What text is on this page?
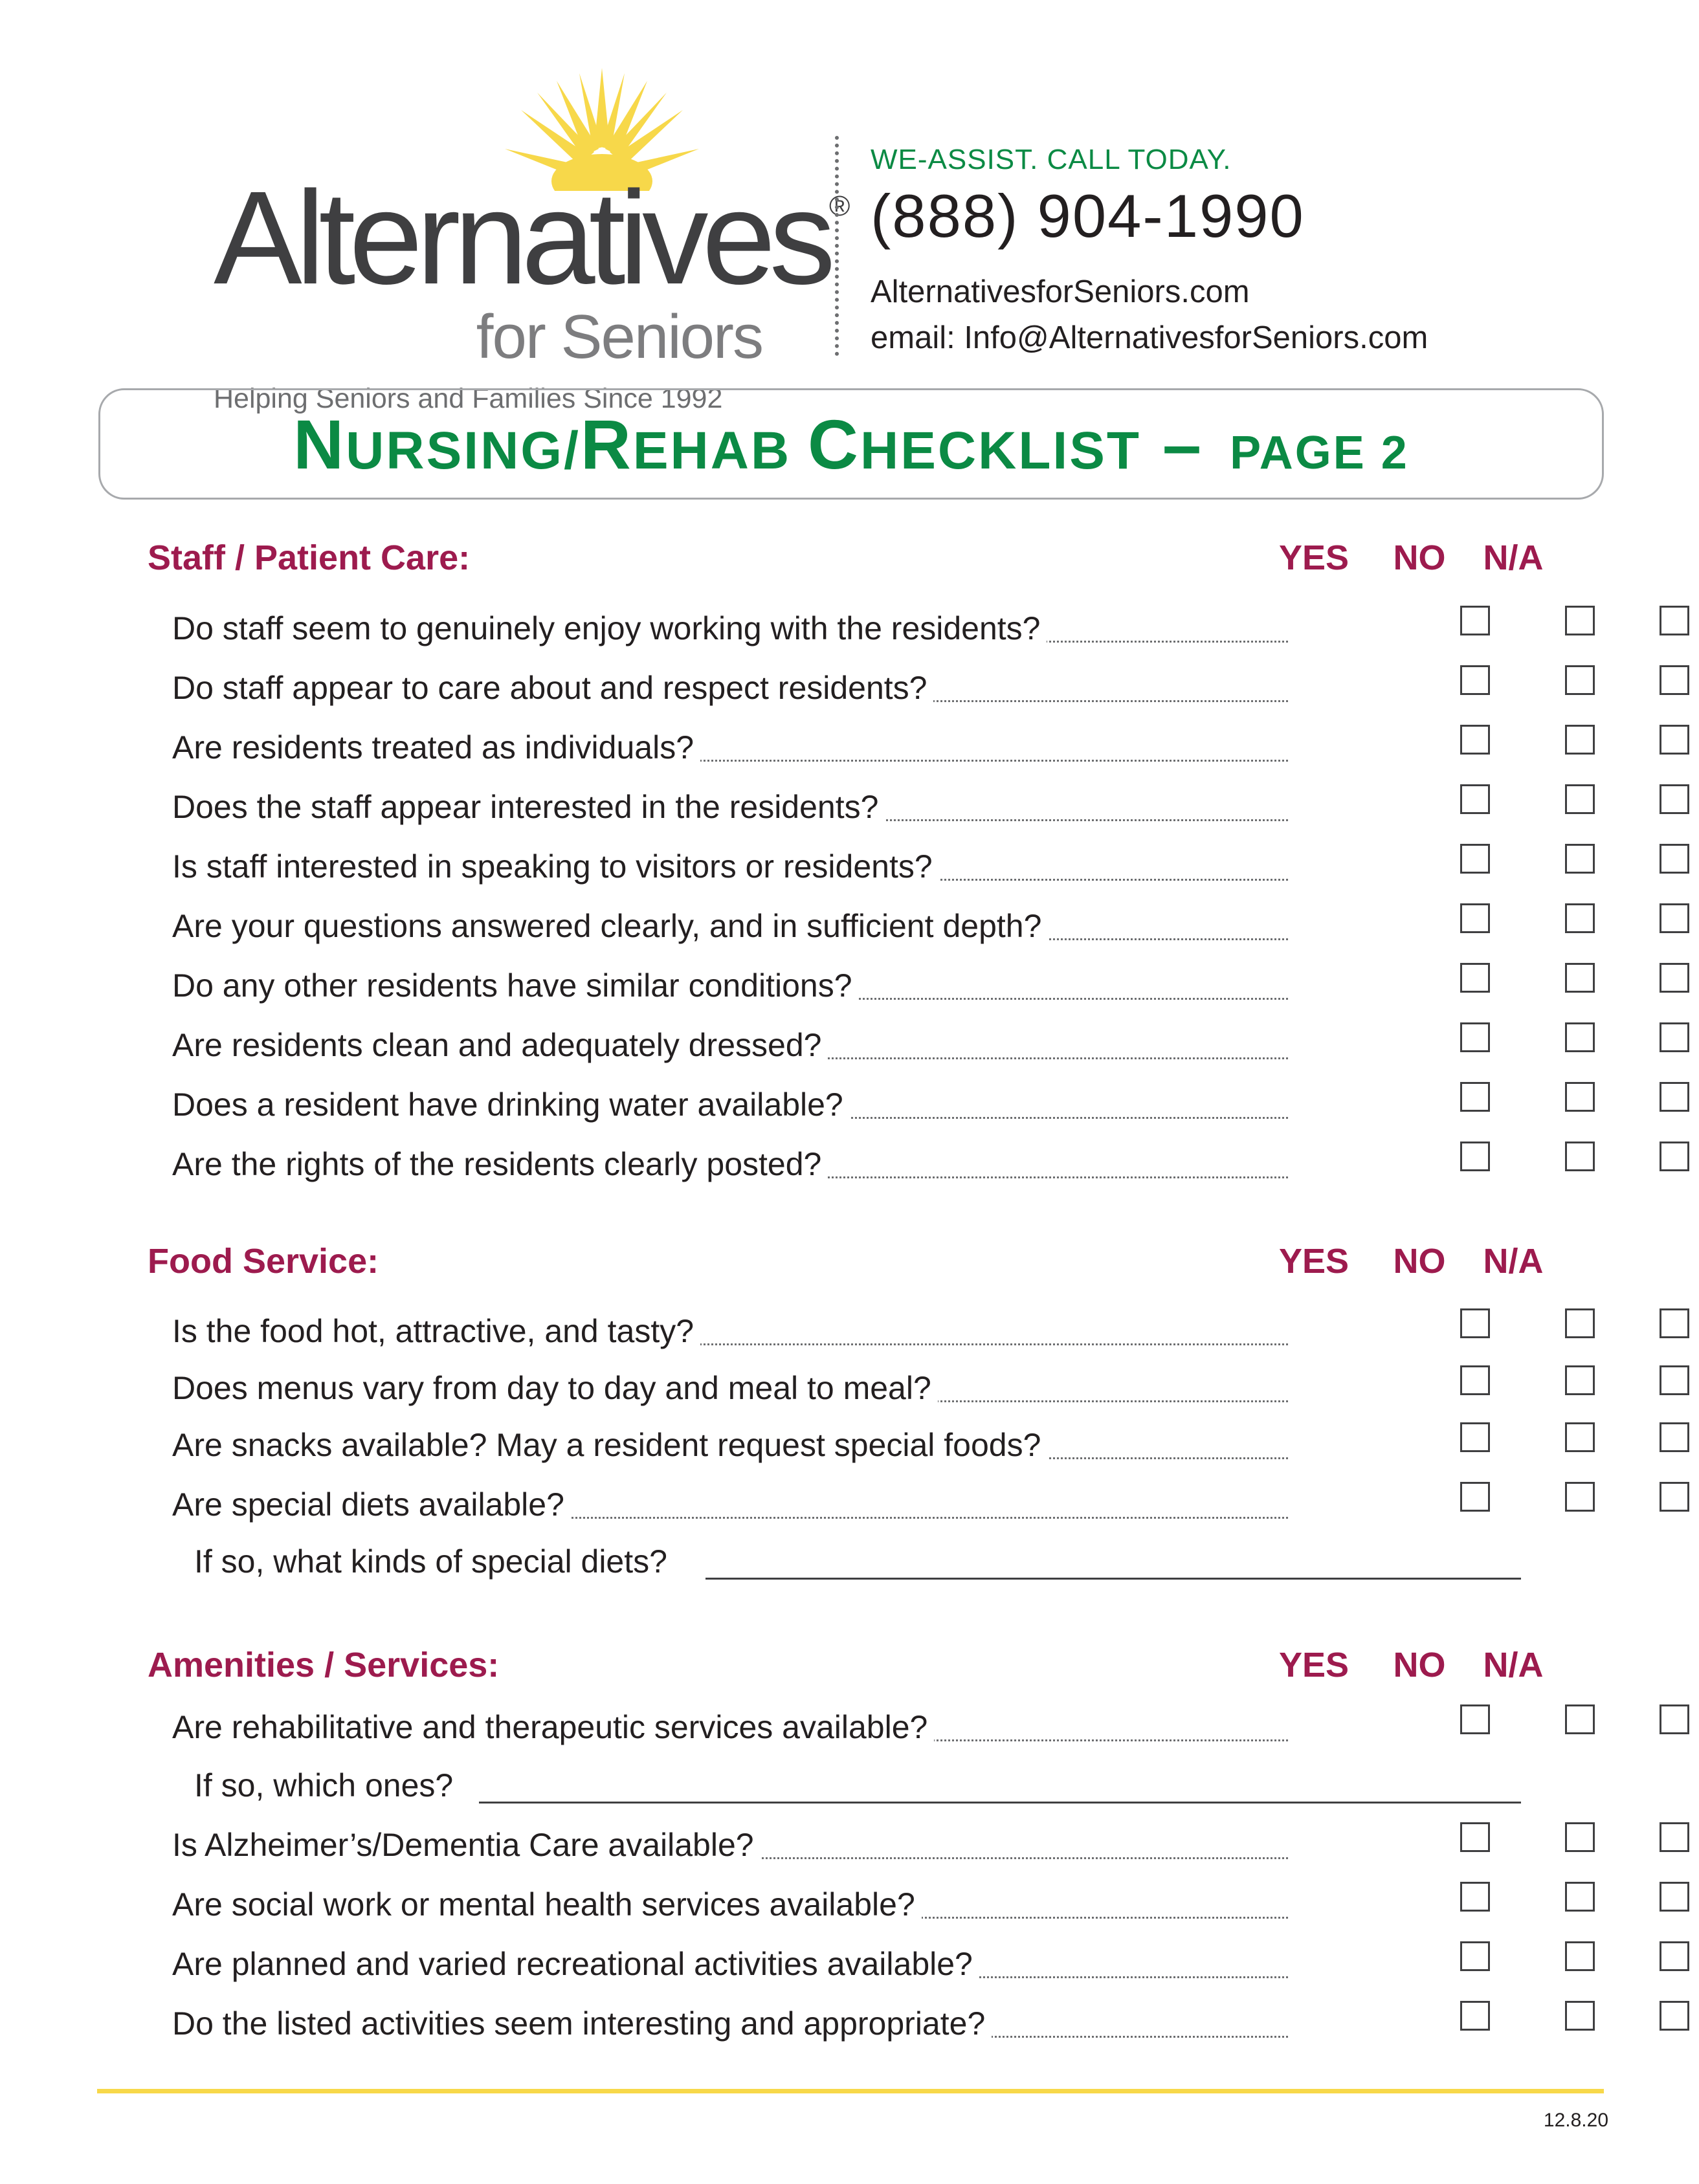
Alternatives®
for Seniors
Helping Seniors and Families Since 1992
WE-ASSIST. CALL TODAY.
(888) 904-1990
AlternativesforSeniors.com
email: Info@AlternativesforSeniors.com
NURSING/REHAB CHECKLIST – PAGE 2
Staff / Patient Care:	YES	NO	N/A
Do staff seem to genuinely enjoy working with the residents?
Do staff appear to care about and respect residents?
Are residents treated as individuals?
Does the staff appear interested in the residents?
Is staff interested in speaking to visitors or residents?
Are your questions answered clearly, and in sufficient depth?
Do any other residents have similar conditions?
Are residents clean and adequately dressed?
Does a resident have drinking water available?
Are the rights of the residents clearly posted?
Food Service:	YES	NO	N/A
Is the food hot, attractive, and tasty?
Does menus vary from day to day and meal to meal?
Are snacks available? May a resident request special foods?
Are special diets available?
If so, what kinds of special diets?
Amenities / Services:	YES	NO	N/A
Are rehabilitative and therapeutic services available?
If so, which ones?
Is Alzheimer’s/Dementia Care available?
Are social work or mental health services available?
Are planned and varied recreational activities available?
Do the listed activities seem interesting and appropriate?
12.8.20
